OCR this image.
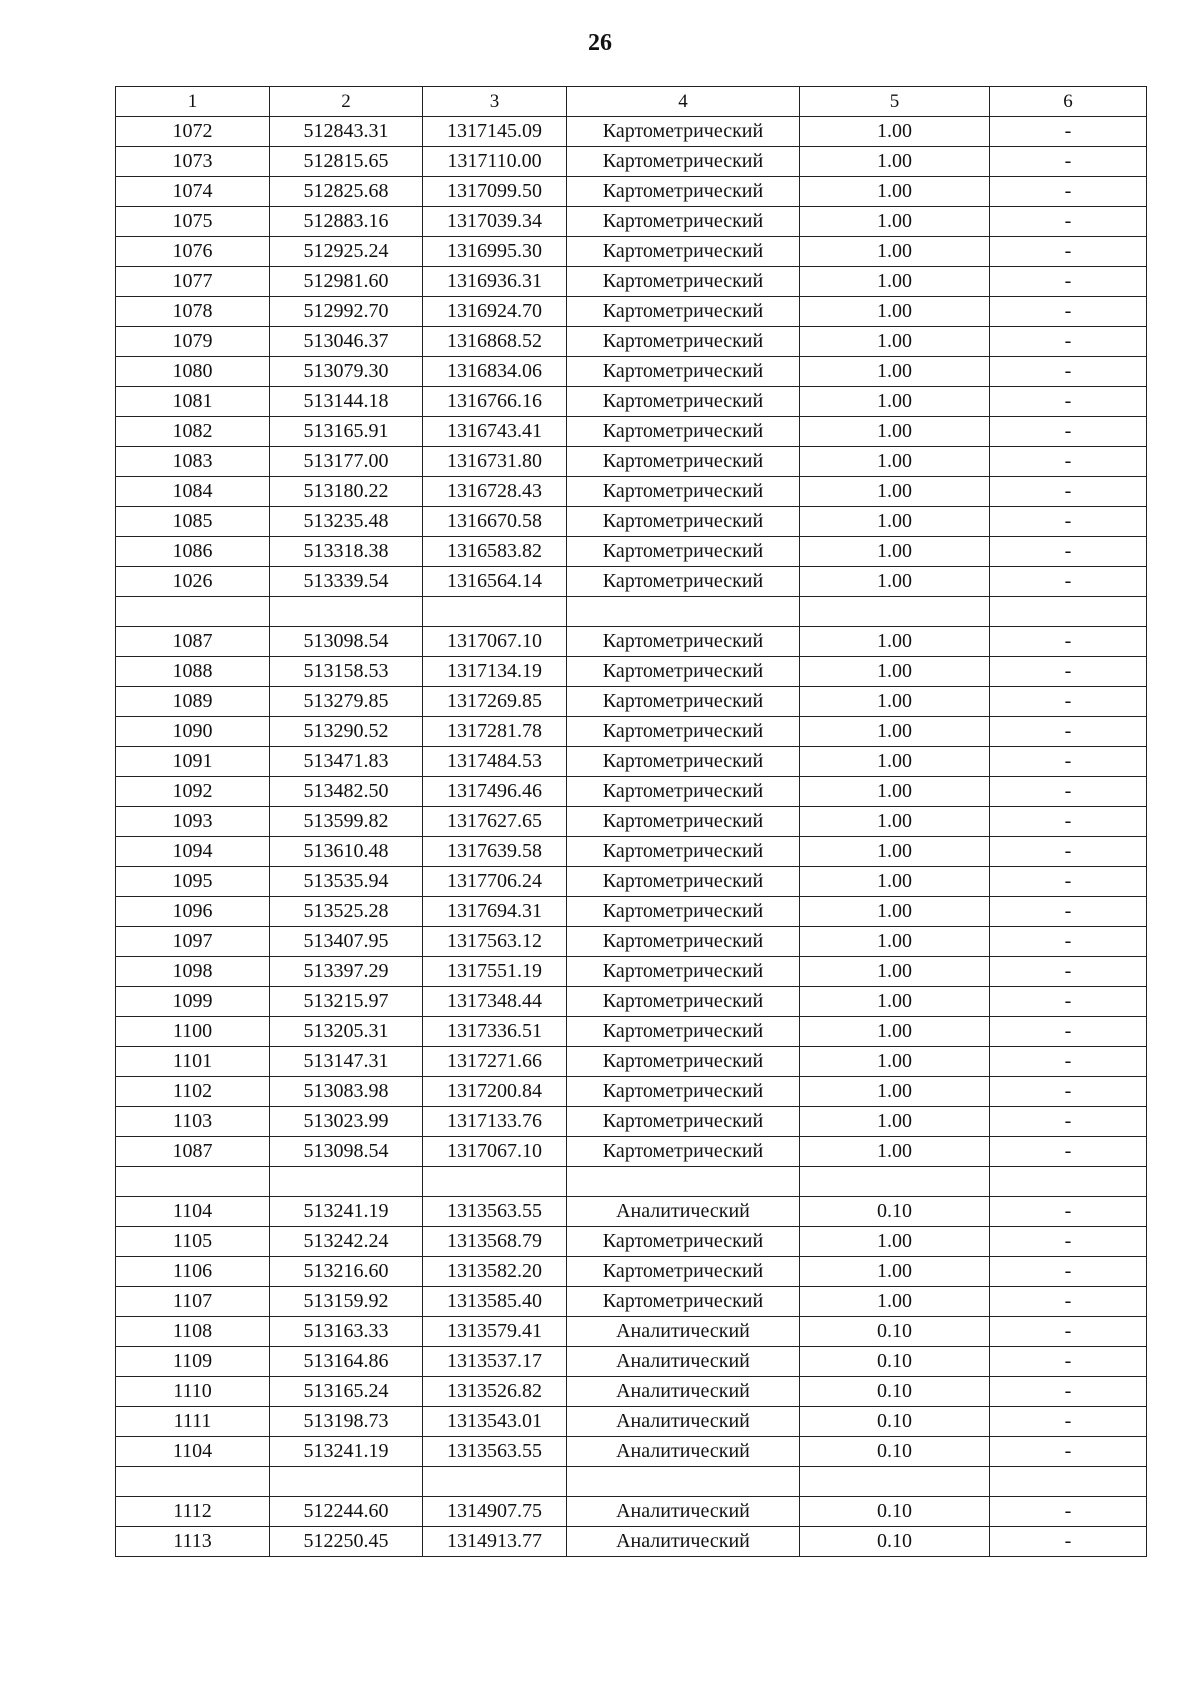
26
1	2	3	4	5	6
1072	512843.31	1317145.09	Картометрический	1.00	-
1073	512815.65	1317110.00	Картометрический	1.00	-
1074	512825.68	1317099.50	Картометрический	1.00	-
1075	512883.16	1317039.34	Картометрический	1.00	-
1076	512925.24	1316995.30	Картометрический	1.00	-
1077	512981.60	1316936.31	Картометрический	1.00	-
1078	512992.70	1316924.70	Картометрический	1.00	-
1079	513046.37	1316868.52	Картометрический	1.00	-
1080	513079.30	1316834.06	Картометрический	1.00	-
1081	513144.18	1316766.16	Картометрический	1.00	-
1082	513165.91	1316743.41	Картометрический	1.00	-
1083	513177.00	1316731.80	Картометрический	1.00	-
1084	513180.22	1316728.43	Картометрический	1.00	-
1085	513235.48	1316670.58	Картометрический	1.00	-
1086	513318.38	1316583.82	Картометрический	1.00	-
1026	513339.54	1316564.14	Картометрический	1.00	-

1087	513098.54	1317067.10	Картометрический	1.00	-
1088	513158.53	1317134.19	Картометрический	1.00	-
1089	513279.85	1317269.85	Картометрический	1.00	-
1090	513290.52	1317281.78	Картометрический	1.00	-
1091	513471.83	1317484.53	Картометрический	1.00	-
1092	513482.50	1317496.46	Картометрический	1.00	-
1093	513599.82	1317627.65	Картометрический	1.00	-
1094	513610.48	1317639.58	Картометрический	1.00	-
1095	513535.94	1317706.24	Картометрический	1.00	-
1096	513525.28	1317694.31	Картометрический	1.00	-
1097	513407.95	1317563.12	Картометрический	1.00	-
1098	513397.29	1317551.19	Картометрический	1.00	-
1099	513215.97	1317348.44	Картометрический	1.00	-
1100	513205.31	1317336.51	Картометрический	1.00	-
1101	513147.31	1317271.66	Картометрический	1.00	-
1102	513083.98	1317200.84	Картометрический	1.00	-
1103	513023.99	1317133.76	Картометрический	1.00	-
1087	513098.54	1317067.10	Картометрический	1.00	-

1104	513241.19	1313563.55	Аналитический	0.10	-
1105	513242.24	1313568.79	Картометрический	1.00	-
1106	513216.60	1313582.20	Картометрический	1.00	-
1107	513159.92	1313585.40	Картометрический	1.00	-
1108	513163.33	1313579.41	Аналитический	0.10	-
1109	513164.86	1313537.17	Аналитический	0.10	-
1110	513165.24	1313526.82	Аналитический	0.10	-
1111	513198.73	1313543.01	Аналитический	0.10	-
1104	513241.19	1313563.55	Аналитический	0.10	-

1112	512244.60	1314907.75	Аналитический	0.10	-
1113	512250.45	1314913.77	Аналитический	0.10	-
